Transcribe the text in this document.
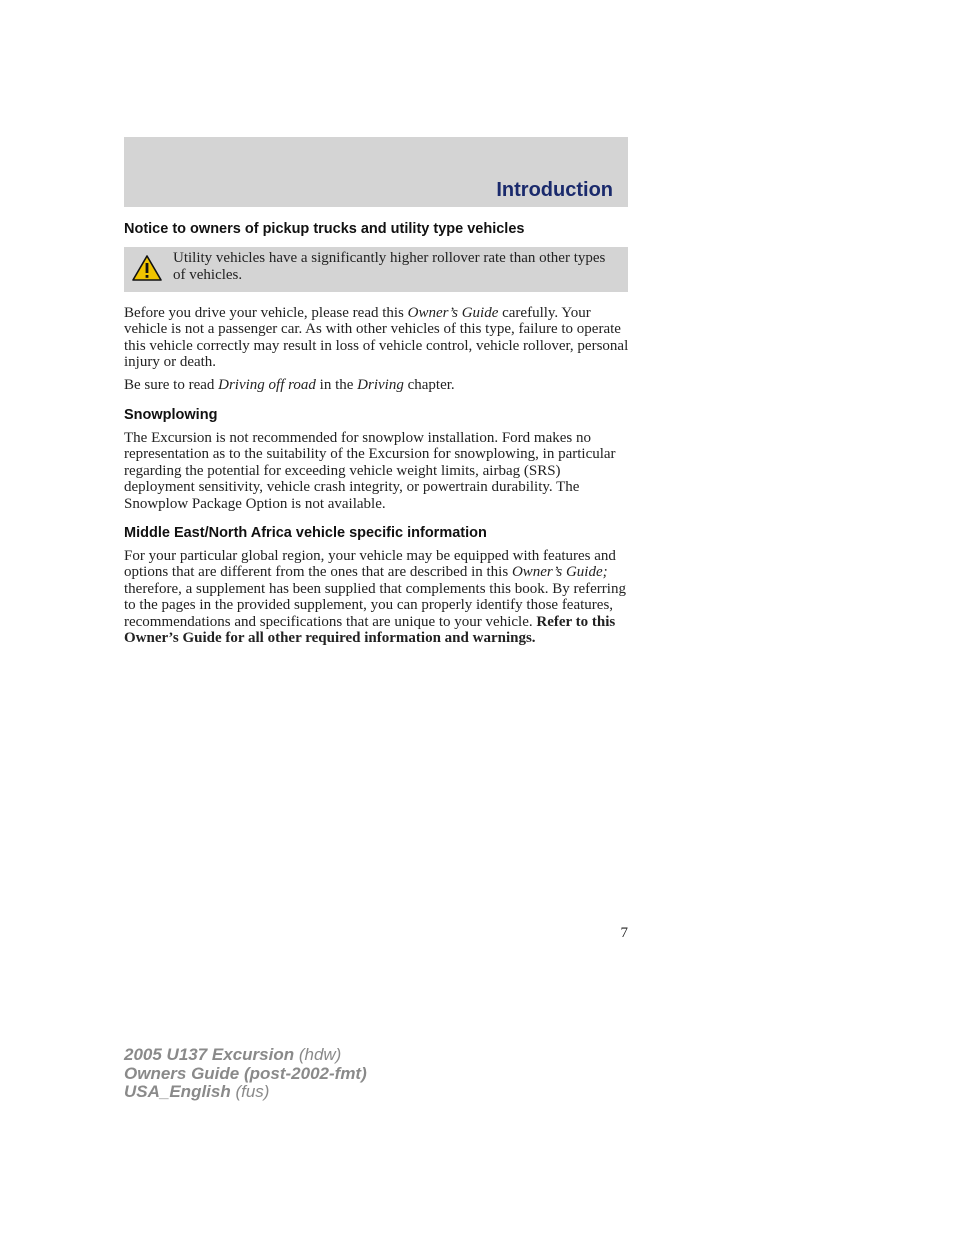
Introduction
Notice to owners of pickup trucks and utility type vehicles
Utility vehicles have a significantly higher rollover rate than other types of vehicles.
Before you drive your vehicle, please read this Owner’s Guide carefully. Your vehicle is not a passenger car. As with other vehicles of this type, failure to operate this vehicle correctly may result in loss of vehicle control, vehicle rollover, personal injury or death.
Be sure to read Driving off road in the Driving chapter.
Snowplowing
The Excursion is not recommended for snowplow installation. Ford makes no representation as to the suitability of the Excursion for snowplowing, in particular regarding the potential for exceeding vehicle weight limits, airbag (SRS) deployment sensitivity, vehicle crash integrity, or powertrain durability. The Snowplow Package Option is not available.
Middle East/North Africa vehicle specific information
For your particular global region, your vehicle may be equipped with features and options that are different from the ones that are described in this Owner’s Guide; therefore, a supplement has been supplied that complements this book. By referring to the pages in the provided supplement, you can properly identify those features, recommendations and specifications that are unique to your vehicle. Refer to this Owner’s Guide for all other required information and warnings.
7
2005 U137 Excursion (hdw)
Owners Guide (post-2002-fmt)
USA_English (fus)
